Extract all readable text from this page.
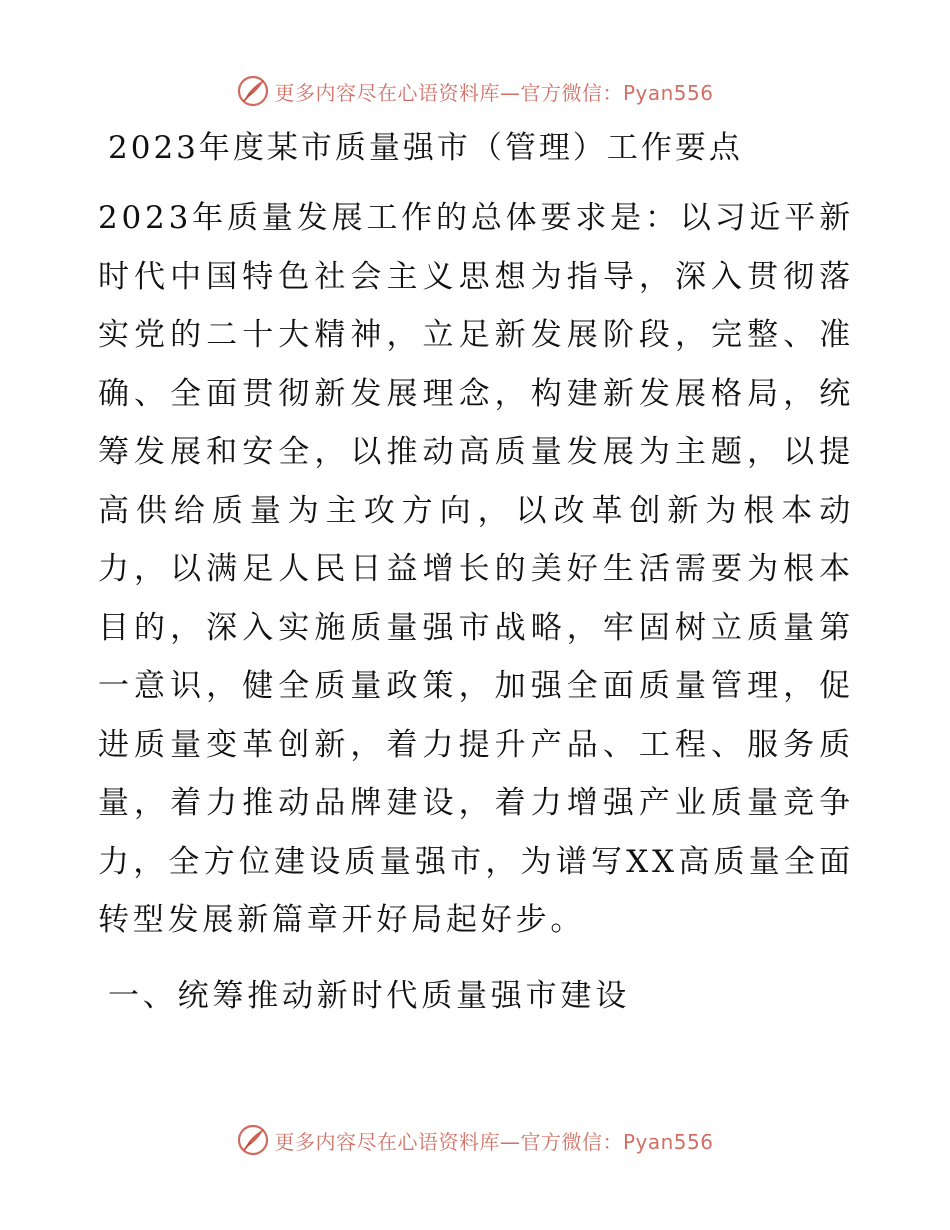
更多内容尽在心语资料库—官方微信：Pyan556
2023年度某市质量强市（管理）工作要点

2023年质量发展工作的总体要求是：以习近平新时代中国特色社会主义思想为指导，深入贯彻落实党的二十大精神，立足新发展阶段，完整、准确、全面贯彻新发展理念，构建新发展格局，统筹发展和安全，以推动高质量发展为主题，以提高供给质量为主攻方向，以改革创新为根本动力，以满足人民日益增长的美好生活需要为根本目的，深入实施质量强市战略，牢固树立质量第一意识，健全质量政策，加强全面质量管理，促进质量变革创新，着力提升产品、工程、服务质量，着力推动品牌建设，着力增强产业质量竞争力，全方位建设质量强市，为谱写XX高质量全面转型发展新篇章开好局起好步。

一、统筹推动新时代质量强市建设
更多内容尽在心语资料库—官方微信：Pyan556
